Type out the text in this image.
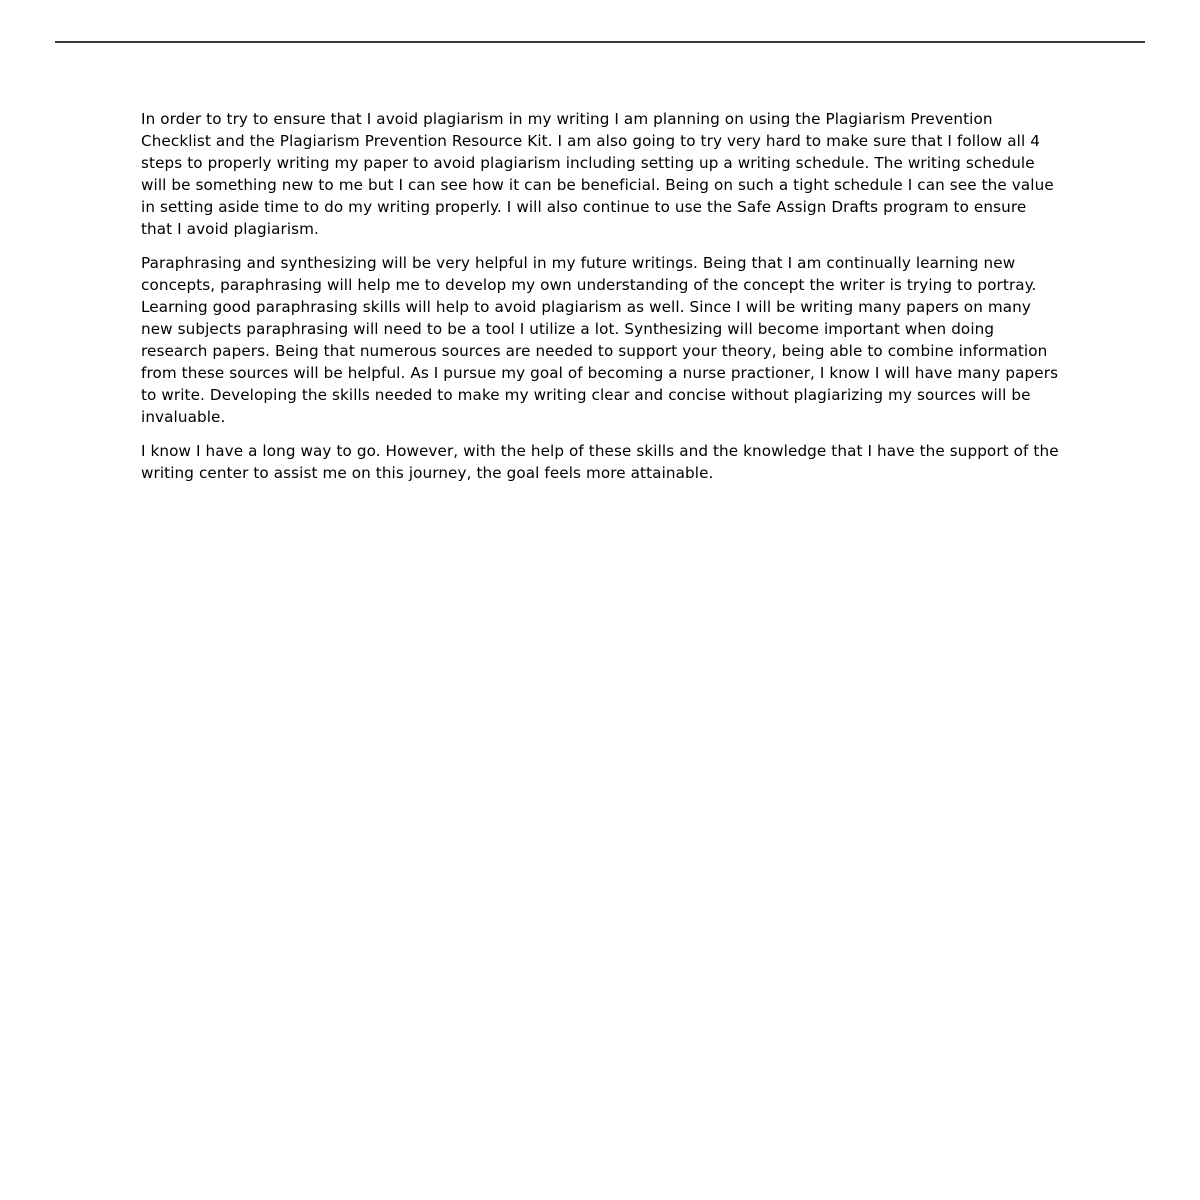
In order to try to ensure that I avoid plagiarism in my writing I am planning on using the Plagiarism Prevention Checklist and the Plagiarism Prevention Resource Kit. I am also going to try very hard to make sure that I follow all 4 steps to properly writing my paper to avoid plagiarism including setting up a writing schedule. The writing schedule will be something new to me but I can see how it can be beneficial. Being on such a tight schedule I can see the value in setting aside time to do my writing properly. I will also continue to use the Safe Assign Drafts program to ensure that I avoid plagiarism.

Paraphrasing and synthesizing will be very helpful in my future writings. Being that I am continually learning new concepts, paraphrasing will help me to develop my own understanding of the concept the writer is trying to portray. Learning good paraphrasing skills will help to avoid plagiarism as well. Since I will be writing many papers on many new subjects paraphrasing will need to be a tool I utilize a lot. Synthesizing will become important when doing research papers. Being that numerous sources are needed to support your theory, being able to combine information from these sources will be helpful. As I pursue my goal of becoming a nurse practioner, I know I will have many papers to write. Developing the skills needed to make my writing clear and concise without plagiarizing my sources will be invaluable.

I know I have a long way to go. However, with the help of these skills and the knowledge that I have the support of the writing center to assist me on this journey, the goal feels more attainable.
